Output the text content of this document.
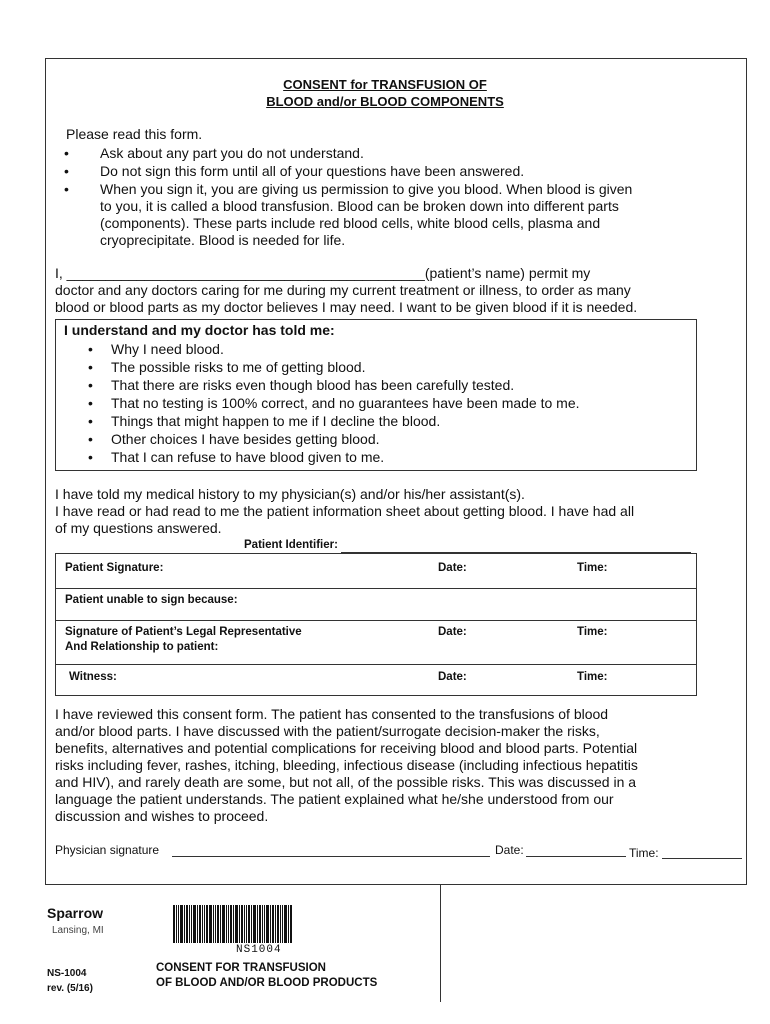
CONSENT for TRANSFUSION OF
BLOOD and/or BLOOD COMPONENTS
Please read this form.
• Ask about any part you do not understand.
• Do not sign this form until all of your questions have been answered.
• When you sign it, you are giving us permission to give you blood. When blood is given
to you, it is called a blood transfusion. Blood can be broken down into different parts
(components). These parts include red blood cells, white blood cells, plasma and
cryoprecipitate. Blood is needed for life.
I, ______________________________________________(patient’s name) permit my
doctor and any doctors caring for me during my current treatment or illness, to order as many
blood or blood parts as my doctor believes I may need. I want to be given blood if it is needed.
I understand and my doctor has told me:
• Why I need blood.
• The possible risks to me of getting blood.
• That there are risks even though blood has been carefully tested.
• That no testing is 100% correct, and no guarantees have been made to me.
• Things that might happen to me if I decline the blood.
• Other choices I have besides getting blood.
• That I can refuse to have blood given to me.
I have told my medical history to my physician(s) and/or his/her assistant(s).
I have read or had read to me the patient information sheet about getting blood. I have had all
of my questions answered.
Patient Identifier:
Patient Signature:	Date:	Time:
Patient unable to sign because:
Signature of Patient’s Legal Representative
And Relationship to patient:
Date:	Time:
Witness:	Date:	Time:
I have reviewed this consent form. The patient has consented to the transfusions of blood
and/or blood parts. I have discussed with the patient/surrogate decision-maker the risks,
benefits, alternatives and potential complications for receiving blood and blood parts. Potential
risks including fever, rashes, itching, bleeding, infectious disease (including infectious hepatitis
and HIV), and rarely death are some, but not all, of the possible risks. This was discussed in a
language the patient understands. The patient explained what he/she understood from our
discussion and wishes to proceed.
Physician signature	Date:	Time:
Sparrow
Lansing, MI
NS1004
CONSENT FOR TRANSFUSION
OF BLOOD AND/OR BLOOD PRODUCTS
NS-1004
rev. (5/16)
